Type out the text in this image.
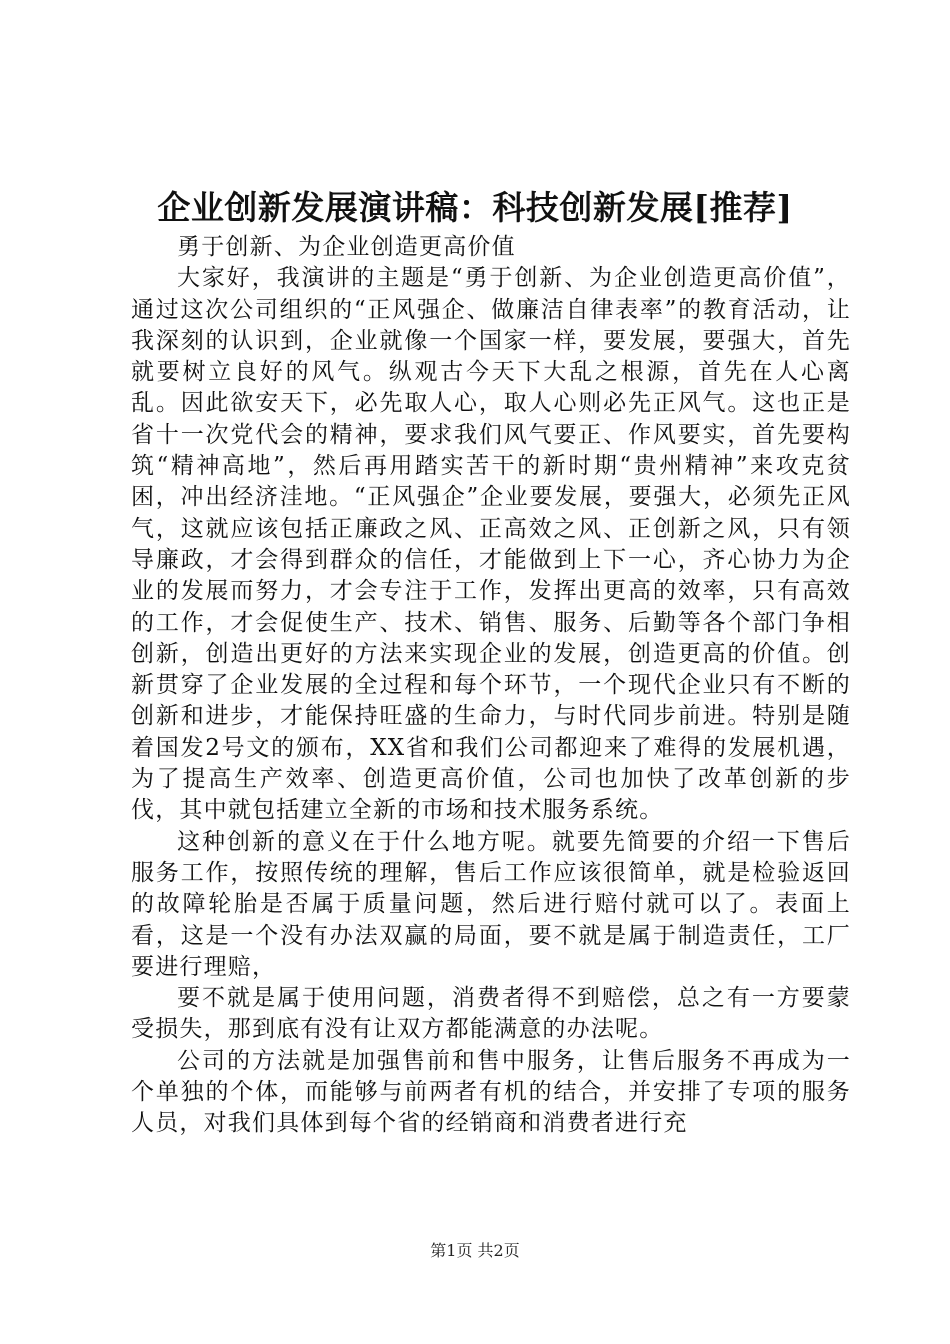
企业创新发展演讲稿：科技创新发展[推荐]

勇于创新、为企业创造更高价值

大家好，我演讲的主题是“勇于创新、为企业创造更高价值”，通过这次公司组织的“正风强企、做廉洁自律表率”的教育活动，让我深刻的认识到，企业就像一个国家一样，要发展，要强大，首先就要树立良好的风气。纵观古今天下大乱之根源，首先在人心离乱。因此欲安天下，必先取人心，取人心则必先正风气。这也正是省十一次党代会的精神，要求我们风气要正、作风要实，首先要构筑“精神高地”，然后再用踏实苦干的新时期“贵州精神”来攻克贫困，冲出经济洼地。“正风强企”企业要发展，要强大，必须先正风气，这就应该包括正廉政之风、正高效之风、正创新之风，只有领导廉政，才会得到群众的信任，才能做到上下一心，齐心协力为企业的发展而努力，才会专注于工作，发挥出更高的效率，只有高效的工作，才会促使生产、技术、销售、服务、后勤等各个部门争相创新，创造出更好的方法来实现企业的发展，创造更高的价值。创新贯穿了企业发展的全过程和每个环节，一个现代企业只有不断的创新和进步，才能保持旺盛的生命力，与时代同步前进。特别是随着国发2号文的颁布，XX省和我们公司都迎来了难得的发展机遇，为了提高生产效率、创造更高价值，公司也加快了改革创新的步伐，其中就包括建立全新的市场和技术服务系统。

这种创新的意义在于什么地方呢。就要先简要的介绍一下售后服务工作，按照传统的理解，售后工作应该很简单，就是检验返回的故障轮胎是否属于质量问题，然后进行赔付就可以了。表面上看，这是一个没有办法双赢的局面，要不就是属于制造责任，工厂要进行理赔，

要不就是属于使用问题，消费者得不到赔偿，总之有一方要蒙受损失，那到底有没有让双方都能满意的办法呢。

公司的方法就是加强售前和售中服务，让售后服务不再成为一个单独的个体，而能够与前两者有机的结合，并安排了专项的服务人员，对我们具体到每个省的经销商和消费者进行充

第1页 共2页
